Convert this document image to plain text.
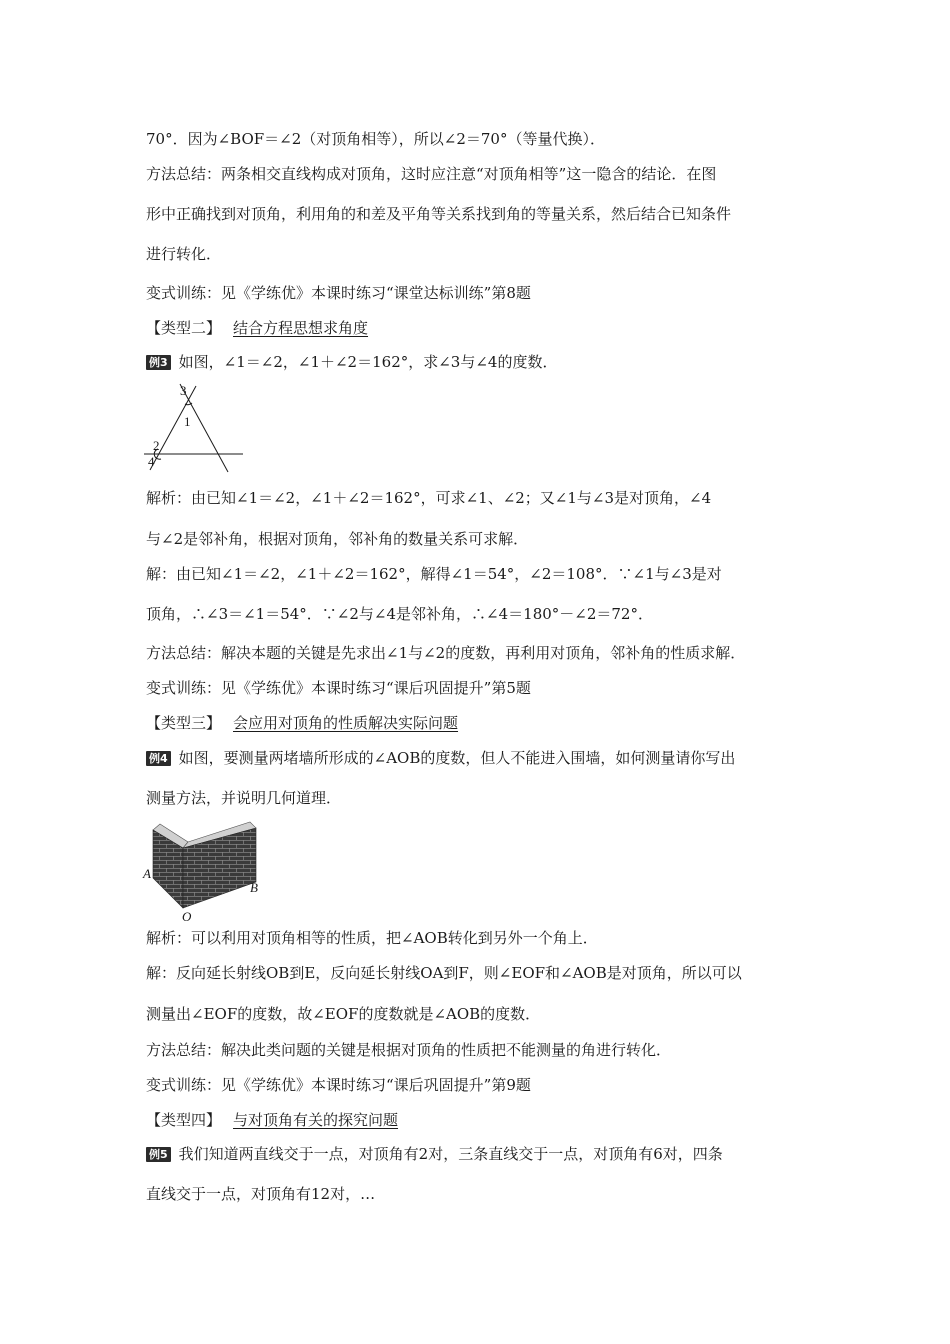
70°．因为∠BOF＝∠2（对顶角相等），所以∠2＝70°（等量代换）．
方法总结：两条相交直线构成对顶角，这时应注意“对顶角相等”这一隐含的结论．在图
形中正确找到对顶角，利用角的和差及平角等关系找到角的等量关系，然后结合已知条件
进行转化．
变式训练：见《学练优》本课时练习“课堂达标训练”第8题
【类型二】 结合方程思想求角度
例3 如图，∠1＝∠2，∠1＋∠2＝162°，求∠3与∠4的度数．
3
1
2
4
解析：由已知∠1＝∠2，∠1＋∠2＝162°，可求∠1、∠2；又∠1与∠3是对顶角，∠4
与∠2是邻补角，根据对顶角，邻补角的数量关系可求解．
解：由已知∠1＝∠2，∠1＋∠2＝162°，解得∠1＝54°，∠2＝108°．∵∠1与∠3是对
顶角，∴∠3＝∠1＝54°．∵∠2与∠4是邻补角，∴∠4＝180°－∠2＝72°．
方法总结：解决本题的关键是先求出∠1与∠2的度数，再利用对顶角，邻补角的性质求解．
变式训练：见《学练优》本课时练习“课后巩固提升”第5题
【类型三】 会应用对顶角的性质解决实际问题
例4 如图，要测量两堵墙所形成的∠AOB的度数，但人不能进入围墙，如何测量请你写出
测量方法，并说明几何道理．
A
B
O
解析：可以利用对顶角相等的性质，把∠AOB转化到另外一个角上．
解：反向延长射线OB到E，反向延长射线OA到F，则∠EOF和∠AOB是对顶角，所以可以
测量出∠EOF的度数，故∠EOF的度数就是∠AOB的度数．
方法总结：解决此类问题的关键是根据对顶角的性质把不能测量的角进行转化．
变式训练：见《学练优》本课时练习“课后巩固提升”第9题
【类型四】 与对顶角有关的探究问题
例5 我们知道两直线交于一点，对顶角有2对，三条直线交于一点，对顶角有6对，四条
直线交于一点，对顶角有12对，…
